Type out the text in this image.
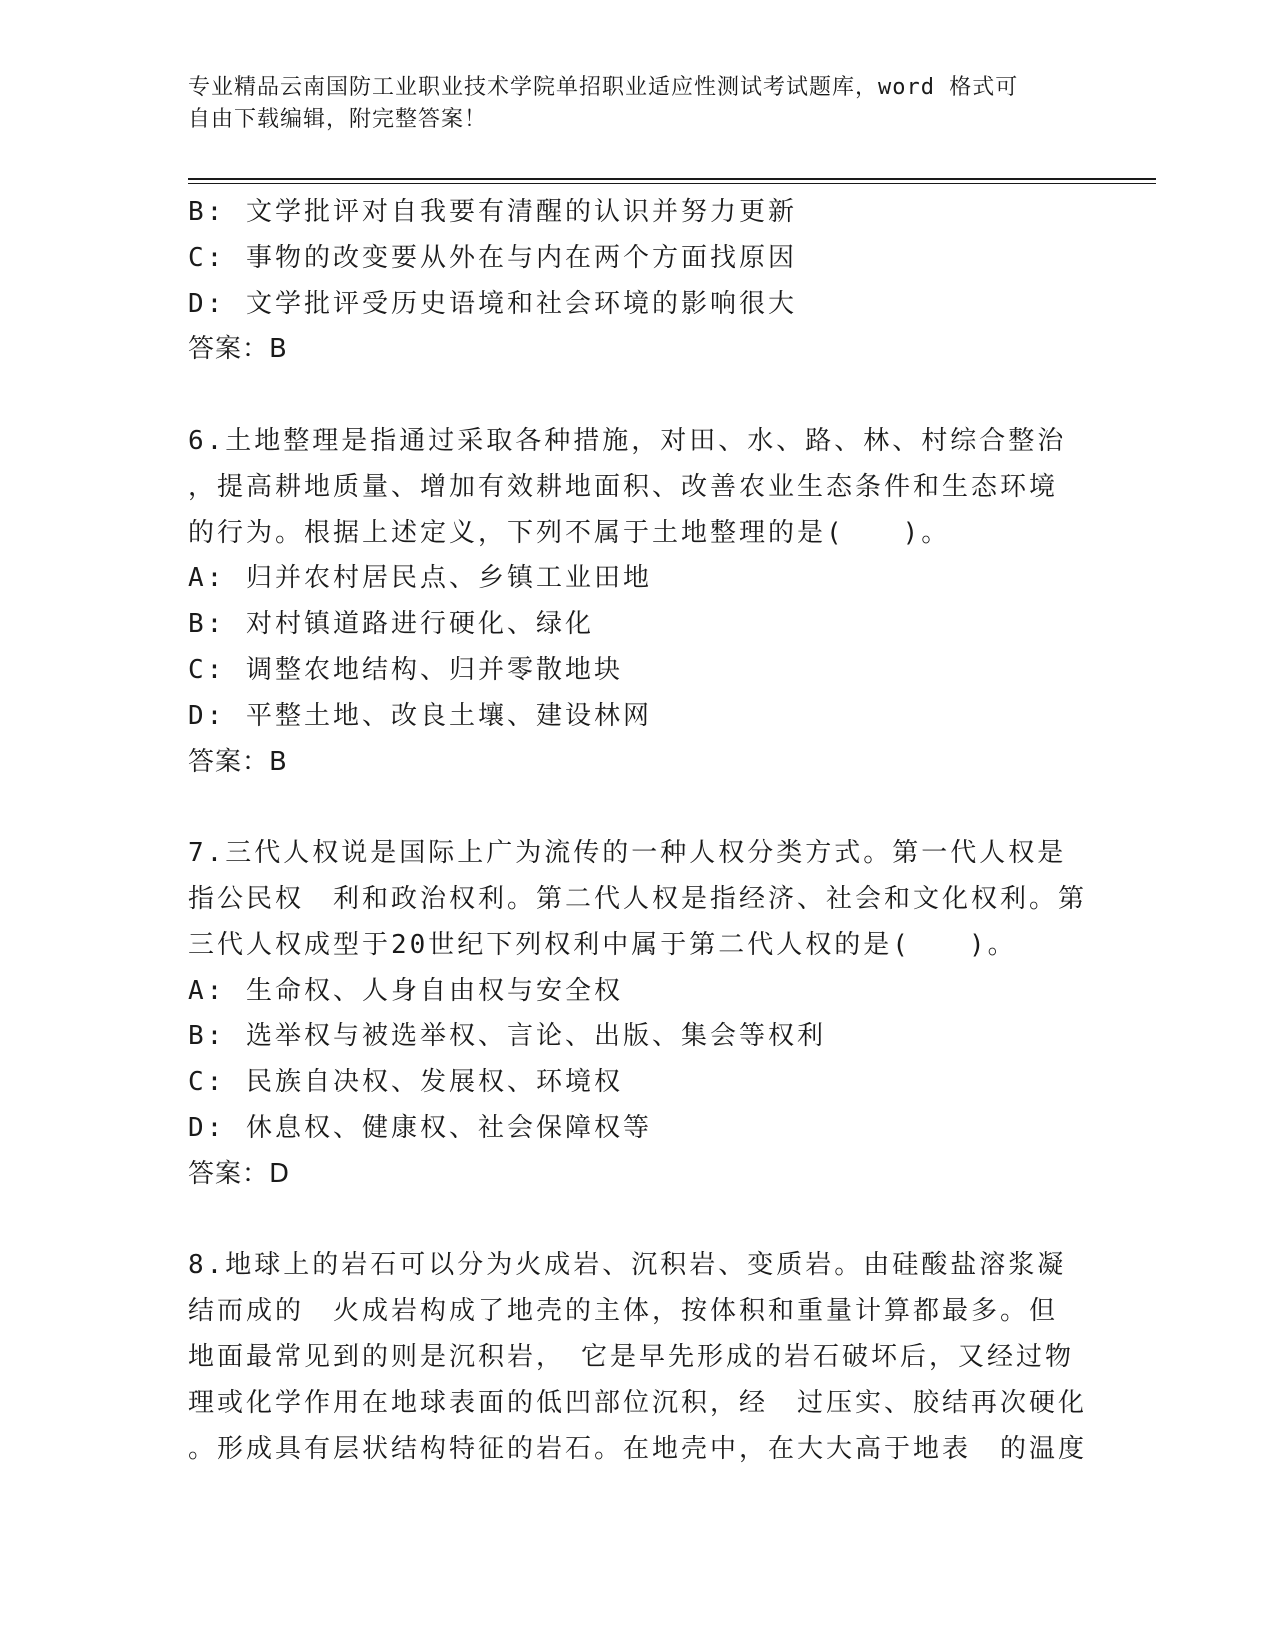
专业精品云南国防工业职业技术学院单招职业适应性测试考试题库，word 格式可
自由下载编辑，附完整答案！
B: 文学批评对自我要有清醒的认识并努力更新
C: 事物的改变要从外在与内在两个方面找原因
D: 文学批评受历史语境和社会环境的影响很大
答案：B
6.土地整理是指通过采取各种措施，对田、水、路、林、村综合整治
，提高耕地质量、增加有效耕地面积、改善农业生态条件和生态环境
的行为。根据上述定义，下列不属于土地整理的是(　　)。
A: 归并农村居民点、乡镇工业田地
B: 对村镇道路进行硬化、绿化
C: 调整农地结构、归并零散地块
D: 平整土地、改良土壤、建设林网
答案：B
7.三代人权说是国际上广为流传的一种人权分类方式。第一代人权是
指公民权　利和政治权利。第二代人权是指经济、社会和文化权利。第
三代人权成型于20世纪下列权利中属于第二代人权的是(　　)。
A: 生命权、人身自由权与安全权
B: 选举权与被选举权、言论、出版、集会等权利
C: 民族自决权、发展权、环境权
D: 休息权、健康权、社会保障权等
答案：D
8.地球上的岩石可以分为火成岩、沉积岩、变质岩。由硅酸盐溶浆凝
结而成的　火成岩构成了地壳的主体，按体积和重量计算都最多。但
地面最常见到的则是沉积岩，　它是早先形成的岩石破坏后，又经过物
理或化学作用在地球表面的低凹部位沉积，经　过压实、胶结再次硬化
。形成具有层状结构特征的岩石。在地壳中，在大大高于地表　的温度
